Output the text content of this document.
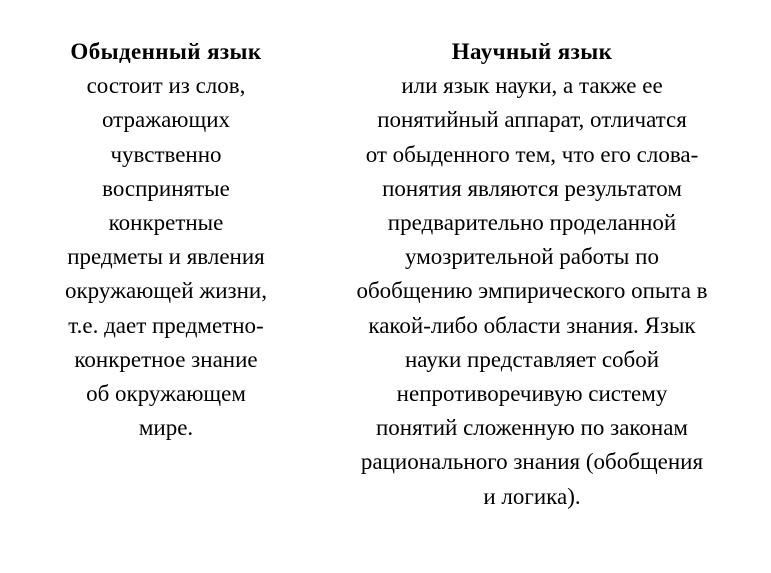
Обыденный язык
состоит из слов,
отражающих
чувственно
воспринятые
конкретные
предметы и явления
окружающей жизни,
т.е. дает предметно-
конкретное знание
об окружающем
мире.
Научный язык
или язык науки, а также ее
понятийный аппарат, отличатся
от обыденного тем, что его слова-
понятия являются результатом
предварительно проделанной
умозрительной работы по
обобщению эмпирического опыта в
какой-либо области знания. Язык
науки представляет собой
непротиворечивую систему
понятий сложенную по законам
рационального знания (обобщения
и логика).
